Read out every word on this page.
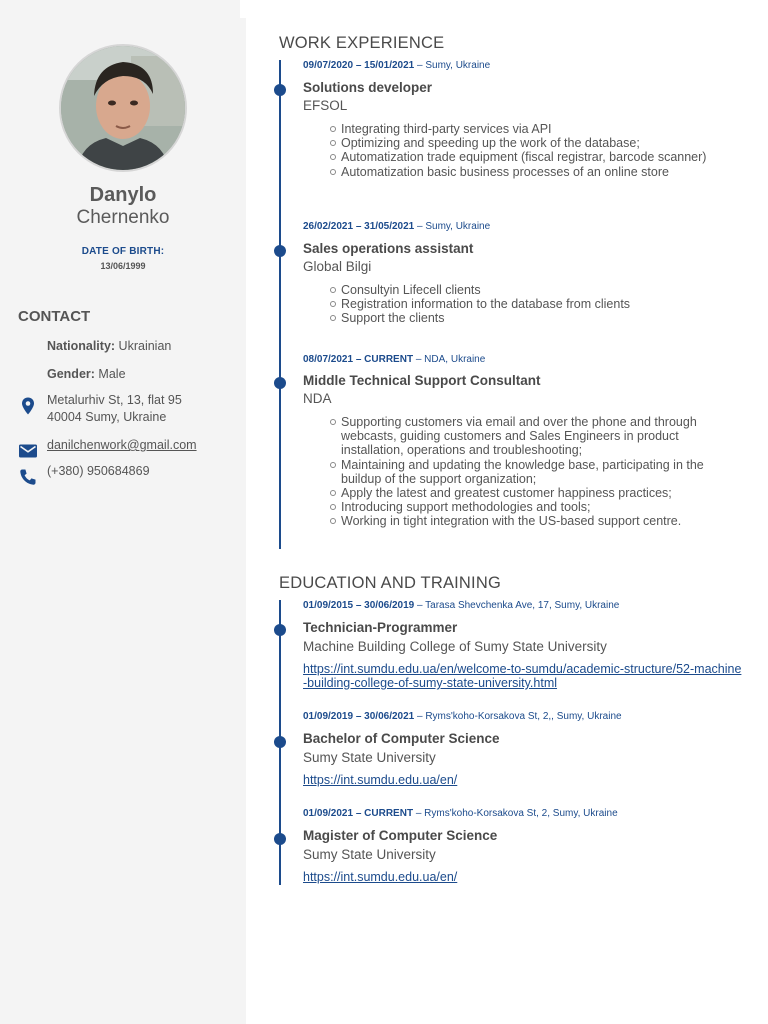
Danylo
Chernenko
DATE OF BIRTH:
13/06/1999
CONTACT
Nationality: Ukrainian
Gender: Male
Metalurhiv St, 13, flat 95
40004 Sumy, Ukraine
danilchenwork@gmail.com
(+380) 950684869
WORK EXPERIENCE
09/07/2020 – 15/01/2021 – Sumy, Ukraine
Solutions developer
EFSOL
Integrating third-party services via API
Optimizing and speeding up the work of the database;
Automatization trade equipment (fiscal registrar, barcode scanner)
Automatization basic business processes of an online store
26/02/2021 – 31/05/2021 – Sumy, Ukraine
Sales operations assistant
Global Bilgi
Consultyin Lifecell clients
Registration information to the database from clients
Support the clients
08/07/2021 – CURRENT – NDA, Ukraine
Middle Technical Support Consultant
NDA
Supporting customers via email and over the phone and through webcasts, guiding customers and Sales Engineers in product installation, operations and troubleshooting;
Maintaining and updating the knowledge base, participating in the buildup of the support organization;
Apply the latest and greatest customer happiness practices;
Introducing support methodologies and tools;
Working in tight integration with the US-based support centre.
EDUCATION AND TRAINING
01/09/2015 – 30/06/2019 – Tarasa Shevchenka Ave, 17, Sumy, Ukraine
Technician-Programmer
Machine Building College of Sumy State University
https://int.sumdu.edu.ua/en/welcome-to-sumdu/academic-structure/52-machine-building-college-of-sumy-state-university.html
01/09/2019 – 30/06/2021 – Ryms'koho-Korsakova St, 2,, Sumy, Ukraine
Bachelor of Computer Science
Sumy State University
https://int.sumdu.edu.ua/en/
01/09/2021 – CURRENT – Ryms'koho-Korsakova St, 2, Sumy, Ukraine
Magister of Computer Science
Sumy State University
https://int.sumdu.edu.ua/en/
